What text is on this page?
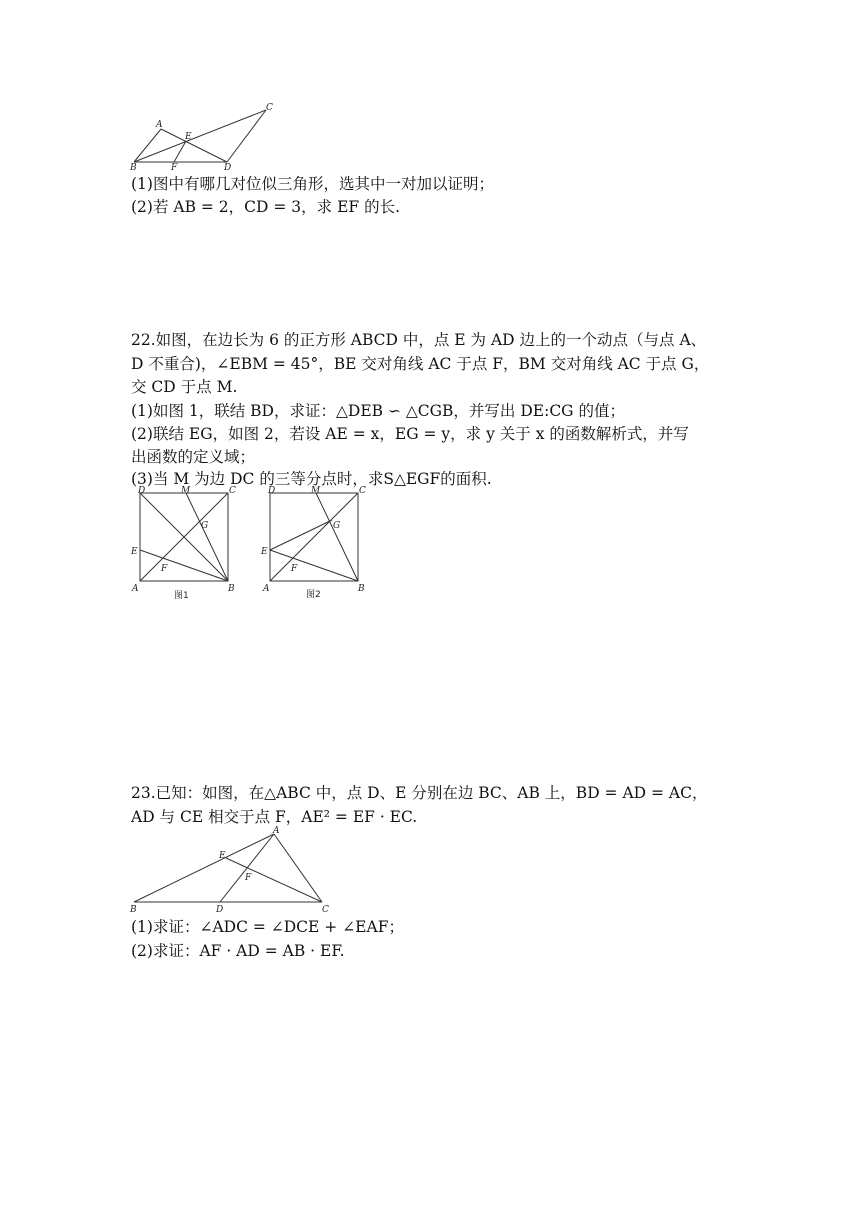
A
B
C
D
E
F
(1)图中有哪几对位似三角形，选其中一对加以证明；
(2)若 AB = 2，CD = 3，求 EF 的长.
22.如图，在边长为 6 的正方形 ABCD 中，点 E 为 AD 边上的一个动点（与点 A、
D 不重合)，∠EBM = 45°，BE 交对角线 AC 于点 F，BM 交对角线 AC 于点 G，
交 CD 于点 M.
(1)如图 1，联结 BD，求证：△DEB ∽ △CGB，并写出 DE:CG 的值；
(2)联结 EG，如图 2，若设 AE = x，EG = y，求 y 关于 x 的函数解析式，并写
出函数的定义域；
(3)当 M 为边 DC 的三等分点时，求S△EGF的面积.
D	M	C
G
E
F
A	B
图1
D	M	C
G
E
F
A	B
图2
23.已知：如图，在△ABC 中，点 D、E 分别在边 BC、AB 上，BD = AD = AC，
AD 与 CE 相交于点 F，AE² = EF · EC.
A
E
F
B	D	C
(1)求证：∠ADC = ∠DCE + ∠EAF；
(2)求证：AF · AD = AB · EF.
